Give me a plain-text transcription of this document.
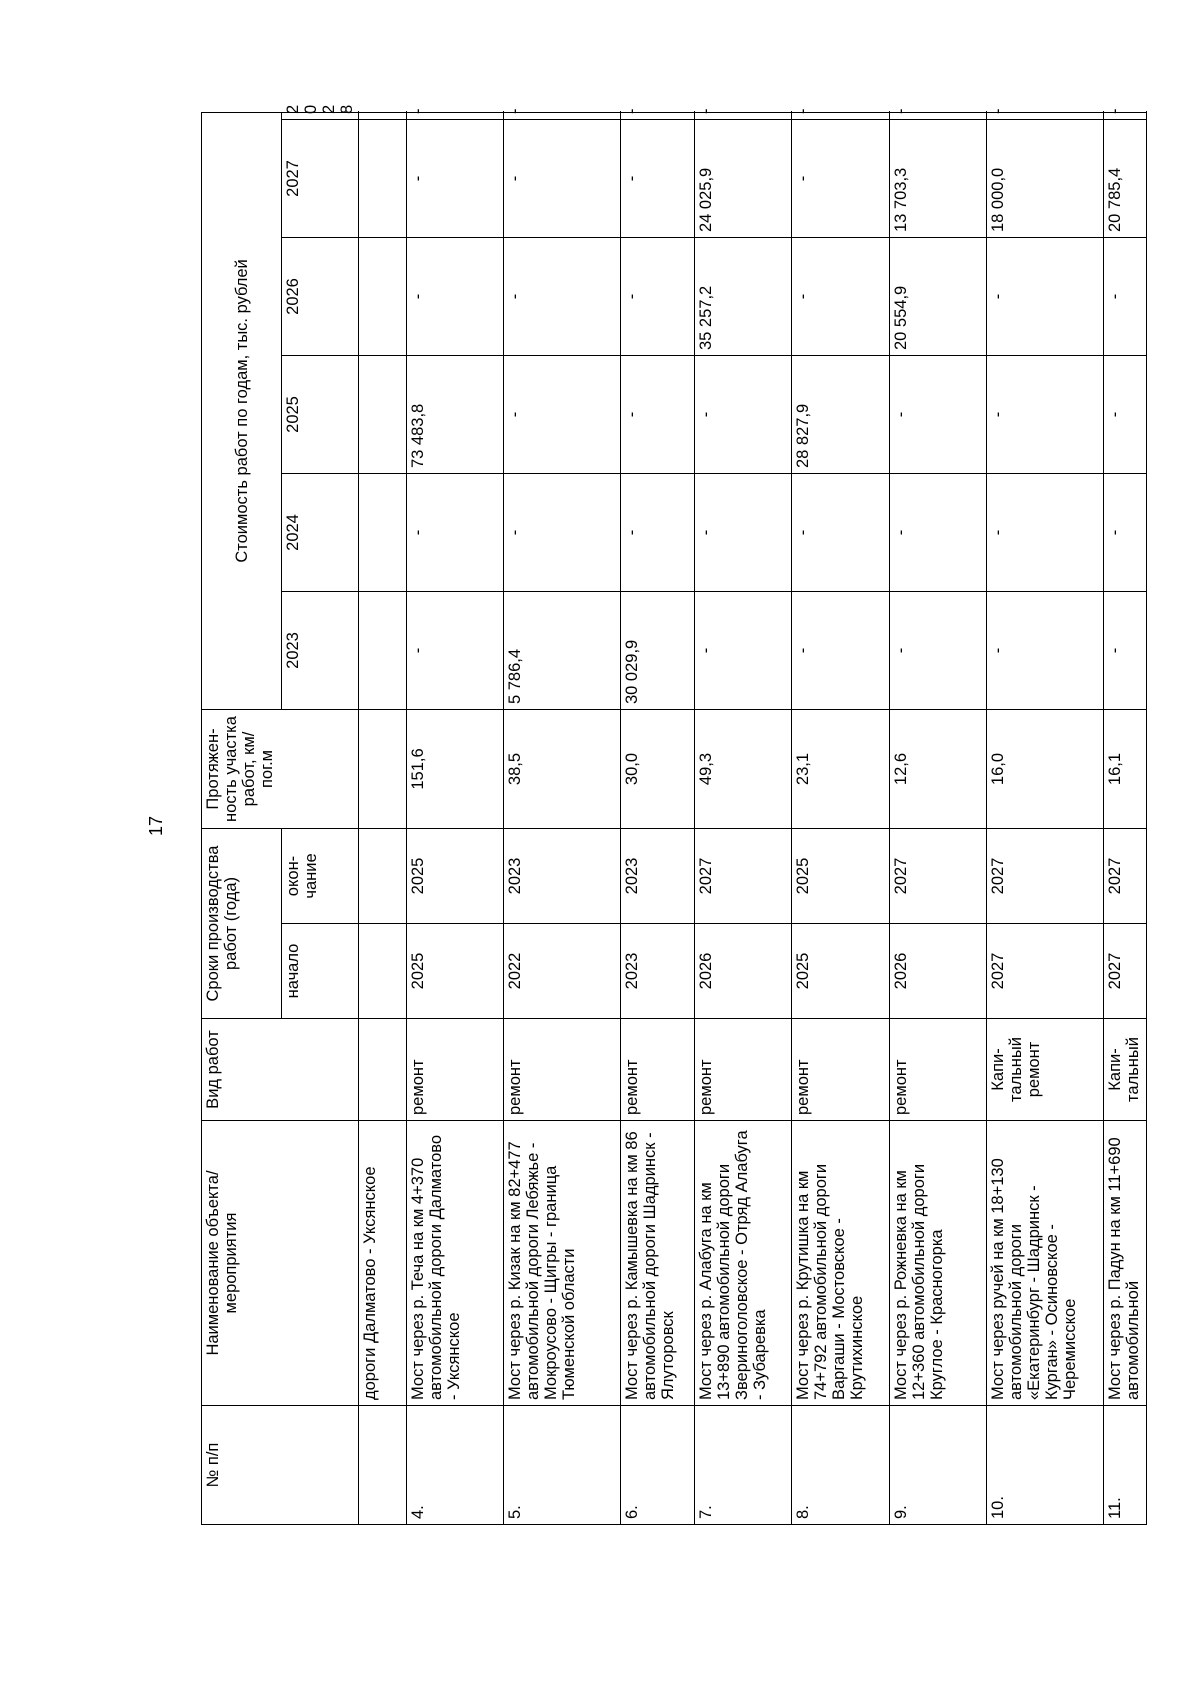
17
№ п/п	Наименование объекта/ мероприятия	Вид работ	Сроки производства работ (года)		Протяжен-ность участка работ, км/пог.м	Стоимость работ по годам, тыс. рублей					
			начало	окон-чание		2023	2024	2025	2026	2027	2028
	дороги Далматово - Уксянское										
4.	Мост через р. Теча на км 4+370 автомобильной дороги Далматово - Уксянское	ремонт	2025	2025	151,6	-	-	73 483,8	-	-	-
5.	Мост через р. Кизак на км 82+477 автомобильной дороги Лебяжье - Мокроусово - Щигры - граница Тюменской области	ремонт	2022	2023	38,5	5 786,4	-	-	-	-	-
6.	Мост через р. Камышевка на км 86 автомобильной дороги Шадринск - Ялуторовск	ремонт	2023	2023	30,0	30 029,9	-	-	-	-	-
7.	Мост через р. Алабуга на км 13+890 автомобильной дороги Звериноголовское - Отряд Алабуга - Зубаревка	ремонт	2026	2027	49,3	-	-	-	35 257,2	24 025,9	-
8.	Мост через р. Крутишка на км 74+792 автомобильной дороги Варгаши - Мостовское - Крутихинское	ремонт	2025	2025	23,1	-	-	28 827,9	-	-	-
9.	Мост через р. Рожневка на км 12+360 автомобильной дороги Круглое - Красногорка	ремонт	2026	2027	12,6	-	-	-	20 554,9	13 703,3	-
10.	Мост через ручей на км 18+130 автомобильной дороги «Екатеринбург - Шадринск - Курган» - Осиновское - Черемисское	Капи-тальный ремонт	2027	2027	16,0	-	-	-	-	18 000,0	-
11.	Мост через р. Падун на км 11+690 автомобильной	Капи-тальный	2027	2027	16,1	-	-	-	-	20 785,4	-
